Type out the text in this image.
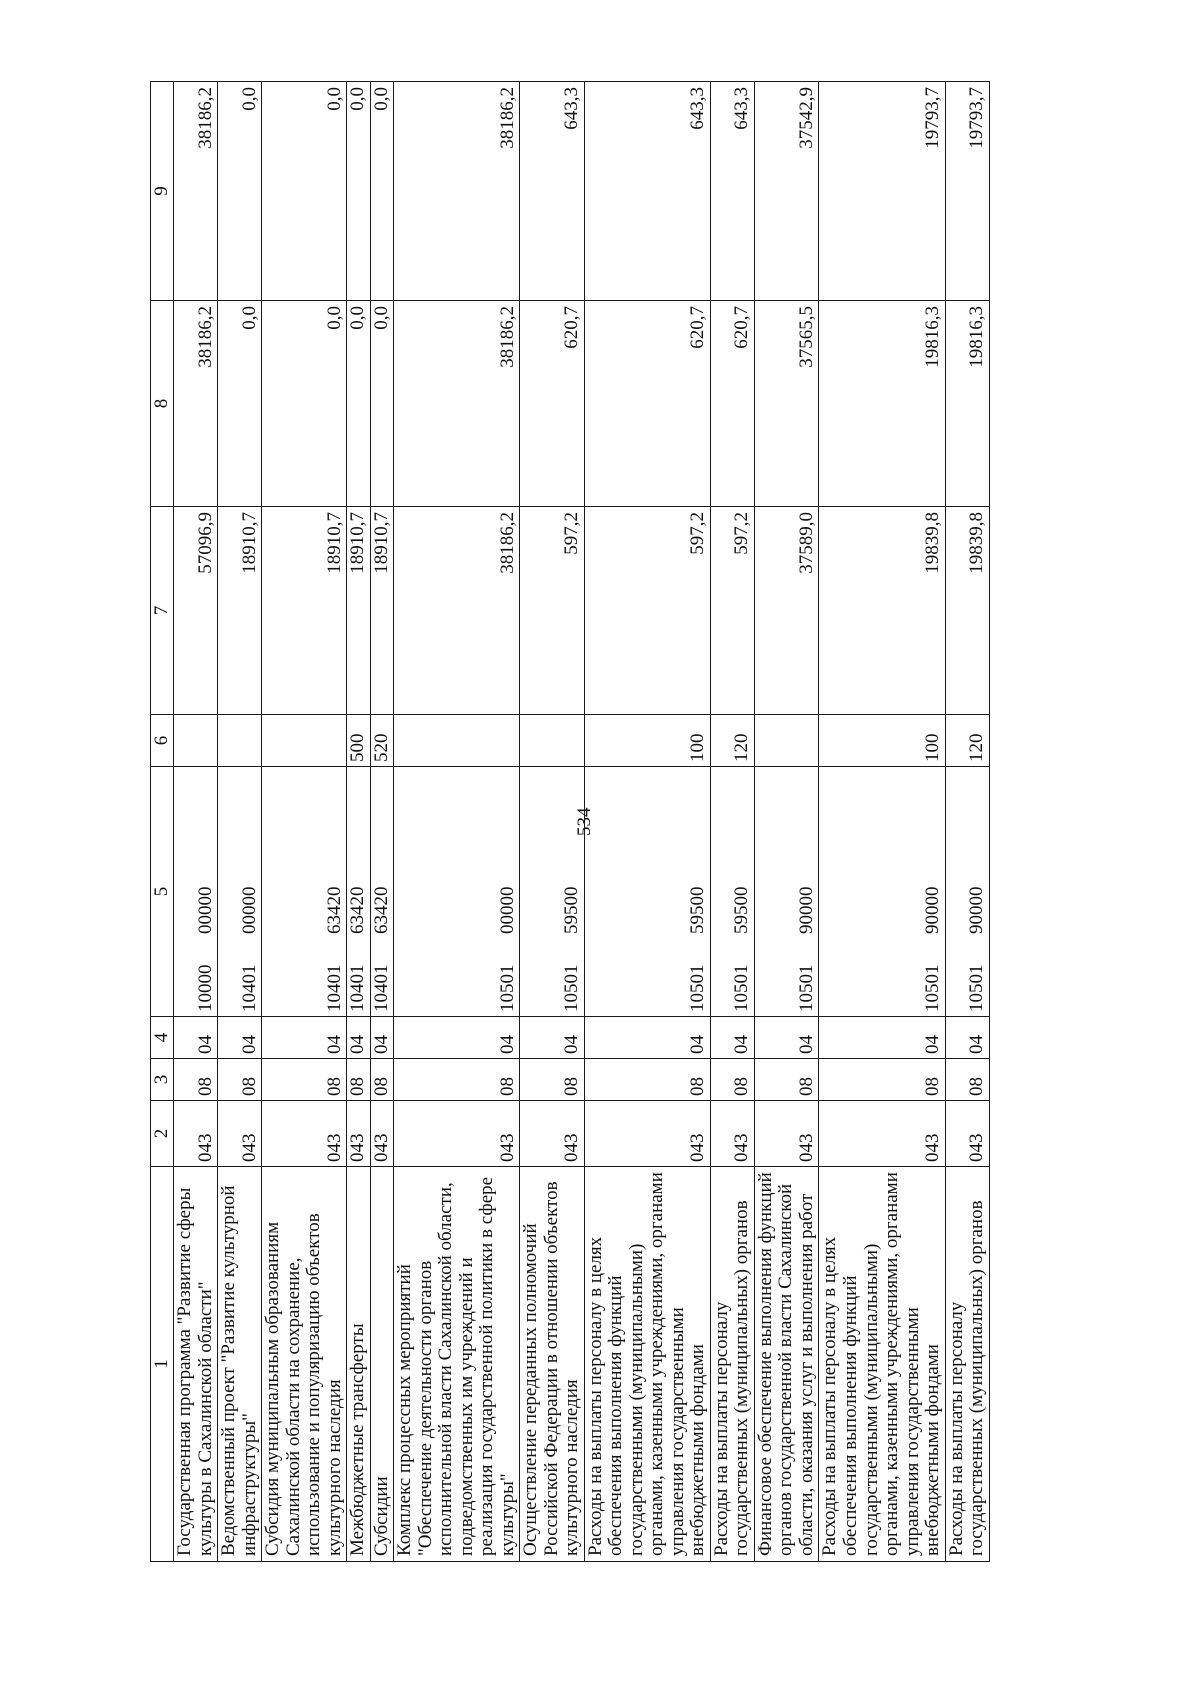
534
1	2	3	4	5	6	7	8	9
Государственная программа "Развитие сферы культуры в Сахалинской области"	043	08	04	1000000000		57096,9	38186,2	38186,2
Ведомственный проект "Развитие культурной инфраструктуры"	043	08	04	1040100000		18910,7	0,0	0,0
Субсидия муниципальным образованиям Сахалинской области на сохранение, использование и популяризацию объектов культурного наследия	043	08	04	1040163420		18910,7	0,0	0,0
Межбюджетные трансферты	043	08	04	1040163420	500	18910,7	0,0	0,0
Субсидии	043	08	04	1040163420	520	18910,7	0,0	0,0
Комплекс процессных мероприятий "Обеспечение деятельности органов исполнительной власти Сахалинской области, подведомственных им учреждений и реализация государственной политики в сфере культуры"	043	08	04	1050100000		38186,2	38186,2	38186,2
Осуществление переданных полномочий Российской Федерации в отношении объектов культурного наследия	043	08	04	1050159500		597,2	620,7	643,3
Расходы на выплаты персоналу в целях обеспечения выполнения функций государственными (муниципальными) органами, казенными учреждениями, органами управления государственными внебюджетными фондами	043	08	04	1050159500	100	597,2	620,7	643,3
Расходы на выплаты персоналу государственных (муниципальных) органов	043	08	04	1050159500	120	597,2	620,7	643,3
Финансовое обеспечение выполнения функций органов государственной власти Сахалинской области, оказания услуг и выполнения работ	043	08	04	1050190000		37589,0	37565,5	37542,9
Расходы на выплаты персоналу в целях обеспечения выполнения функций государственными (муниципальными) органами, казенными учреждениями, органами управления государственными внебюджетными фондами	043	08	04	1050190000	100	19839,8	19816,3	19793,7
Расходы на выплаты персоналу государственных (муниципальных) органов	043	08	04	1050190000	120	19839,8	19816,3	19793,7
